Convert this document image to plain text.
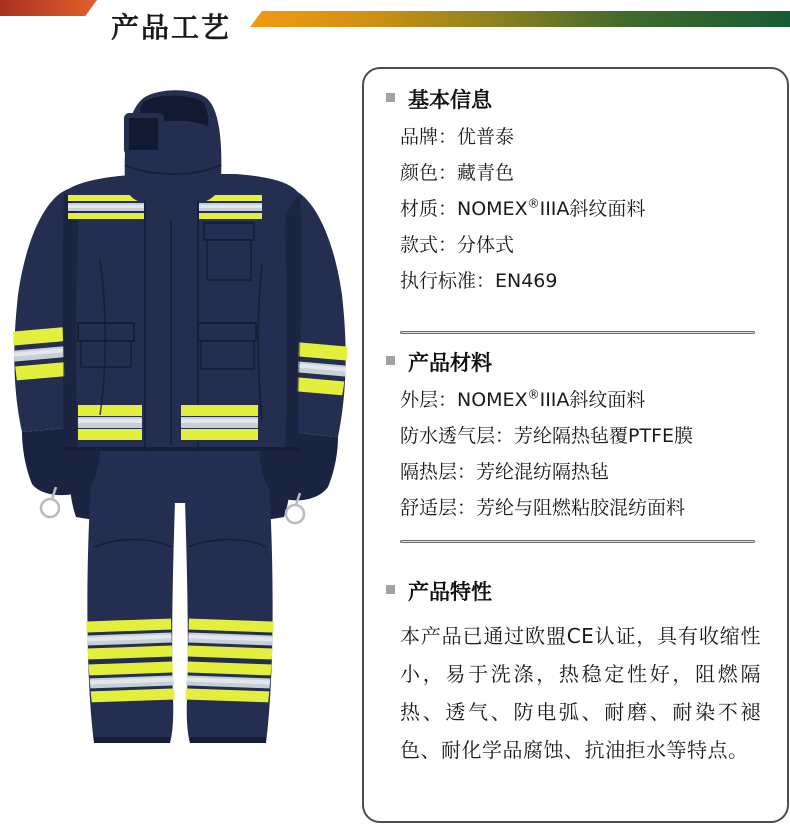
产品工艺
基本信息
品牌：优普泰
颜色：藏青色
材质：NOMEX®IIIA斜纹面料
款式：分体式
执行标准：EN469
产品材料
外层：NOMEX®IIIA斜纹面料
防水透气层：芳纶隔热毡覆PTFE膜
隔热层：芳纶混纺隔热毡
舒适层：芳纶与阻燃粘胶混纺面料
产品特性
本产品已通过欧盟CE认证，具有收缩性小，易于洗涤，热稳定性好，阻燃隔热、透气、防电弧、耐磨、耐染不褪色、耐化学品腐蚀、抗油拒水等特点。
